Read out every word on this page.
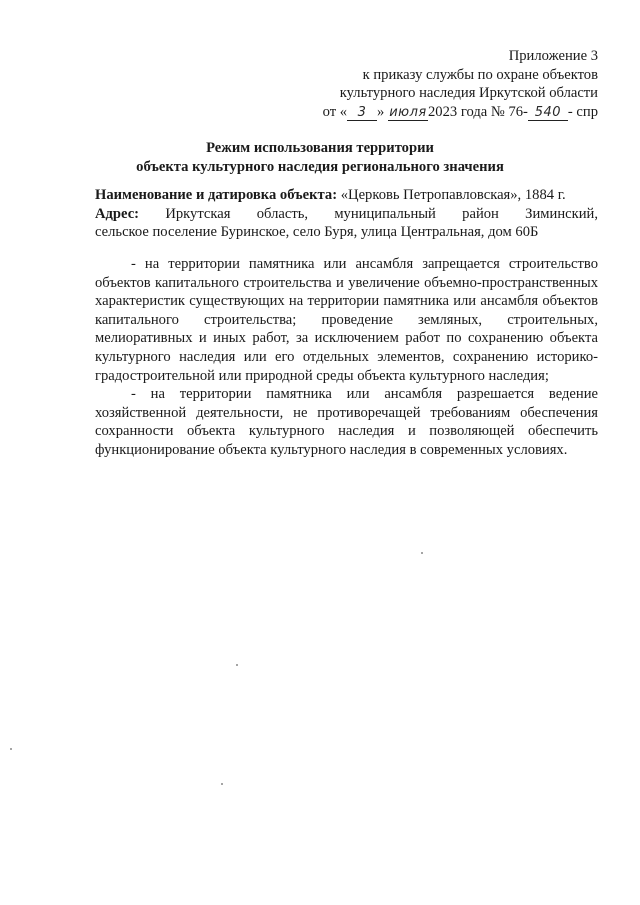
Приложение 3
к приказу службы по охране объектов
культурного наследия Иркутской области
от « 3 » июля2023 года № 76- 540 - спр
Режим использования территории
объекта культурного наследия регионального значения
Наименование и датировка объекта: «Церковь Петропавловская», 1884 г.
Адрес: Иркутская область, муниципальный район Зиминский,
сельское поселение Буринское, село Буря, улица Центральная, дом 60Б

- на территории памятника или ансамбля запрещается строительство объектов капитального строительства и увеличение объемно-пространственных характеристик существующих на территории памятника или ансамбля объектов капитального строительства; проведение земляных, строительных, мелиоративных и иных работ, за исключением работ по сохранению объекта культурного наследия или его отдельных элементов, сохранению историко-градостроительной или природной среды объекта культурного наследия;

- на территории памятника или ансамбля разрешается ведение хозяйственной деятельности, не противоречащей требованиям обеспечения сохранности объекта культурного наследия и позволяющей обеспечить функционирование объекта культурного наследия в современных условиях.
